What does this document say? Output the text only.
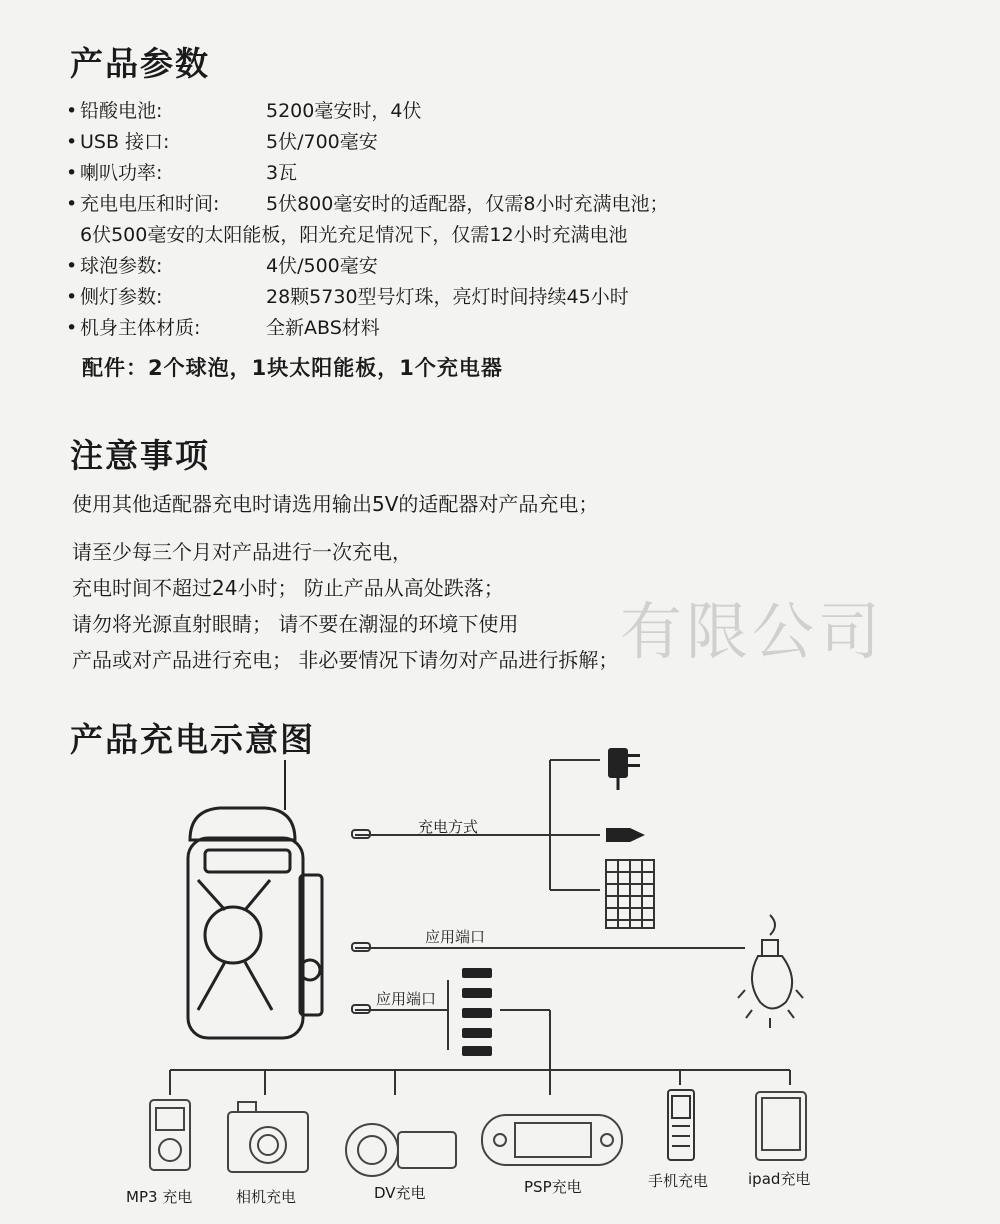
产品参数
• 铅酸电池:	5200毫安时，4伏
• USB 接口:	5伏/700毫安
• 喇叭功率:	3瓦
• 充电电压和时间: 5伏800毫安时的适配器，仅需8小时充满电池；
6伏500毫安的太阳能板，阳光充足情况下，仅需12小时充满电池
• 球泡参数:	4伏/500毫安
• 侧灯参数:	28颗5730型号灯珠，亮灯时间持续45小时
• 机身主体材质:	全新ABS材料
配件：2个球泡，1块太阳能板，1个充电器
注意事项
使用其他适配器充电时请选用输出5V的适配器对产品充电；
请至少每三个月对产品进行一次充电，
充电时间不超过24小时； 防止产品从高处跌落；
请勿将光源直射眼睛； 请不要在潮湿的环境下使用
产品或对产品进行充电； 非必要情况下请勿对产品进行拆解； 有限公司
产品充电示意图
充电方式
应用端口
应用端口
MP3 充电	相机充电	DV充电	PSP充电	手机充电	ipad充电
